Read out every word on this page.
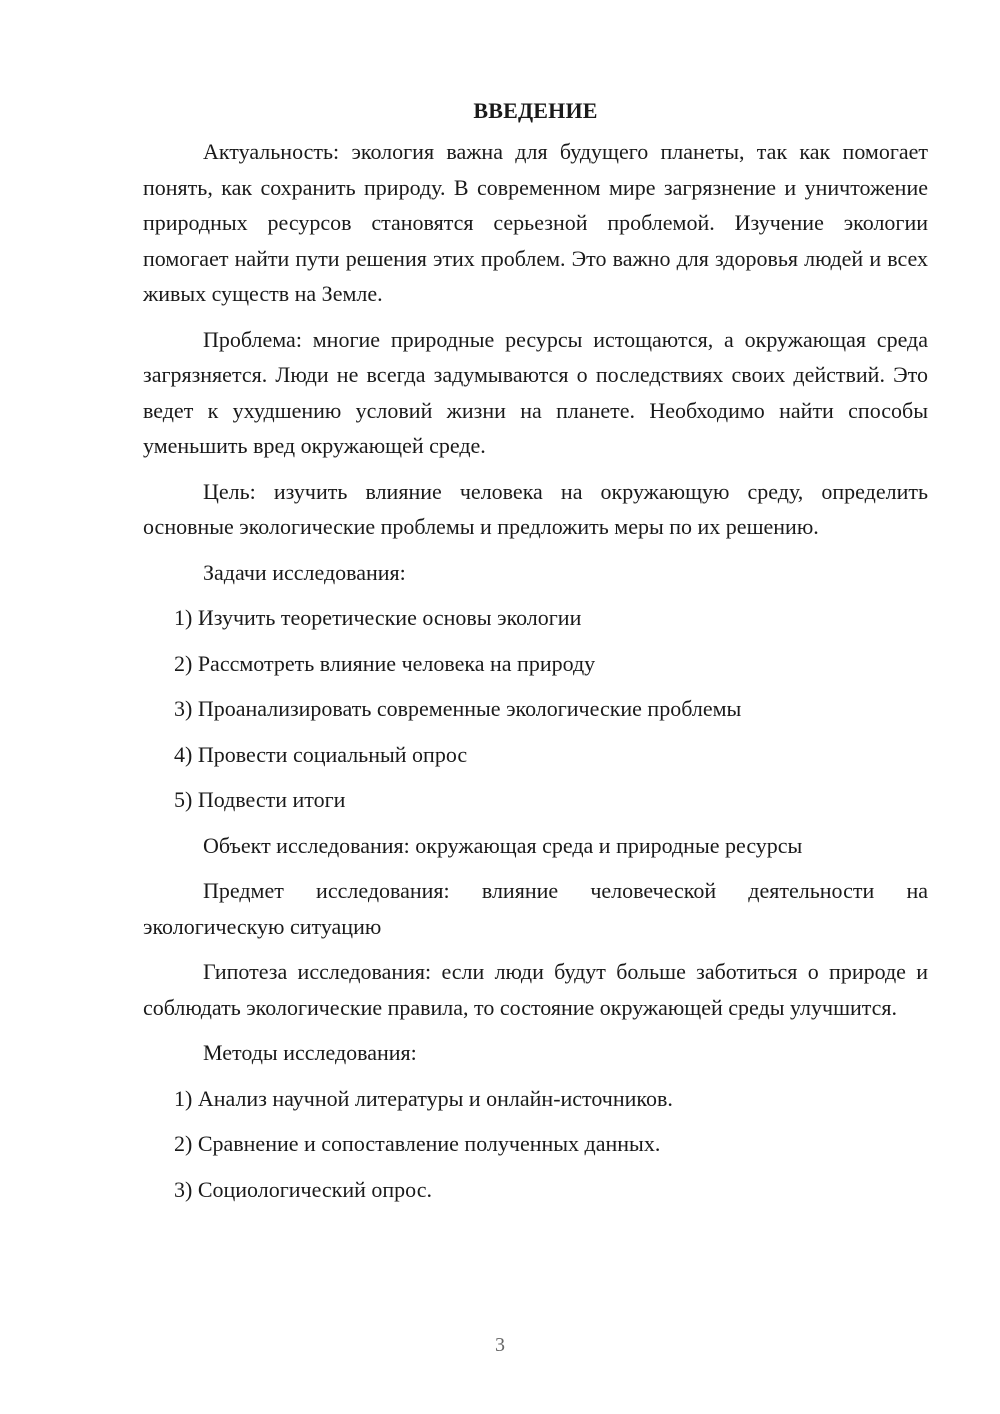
ВВЕДЕНИЕ

Актуальность: экология важна для будущего планеты, так как помогает понять, как сохранить природу. В современном мире загрязнение и уничтожение природных ресурсов становятся серьезной проблемой. Изучение экологии помогает найти пути решения этих проблем. Это важно для здоровья людей и всех живых существ на Земле.

Проблема: многие природные ресурсы истощаются, а окружающая среда загрязняется. Люди не всегда задумываются о последствиях своих действий. Это ведет к ухудшению условий жизни на планете. Необходимо найти способы уменьшить вред окружающей среде.

Цель: изучить влияние человека на окружающую среду, определить основные экологические проблемы и предложить меры по их решению.

Задачи исследования:

1) Изучить теоретические основы экологии
2) Рассмотреть влияние человека на природу
3) Проанализировать современные экологические проблемы
4) Провести социальный опрос
5) Подвести итоги

Объект исследования: окружающая среда и природные ресурсы

Предмет исследования: влияние человеческой деятельности на экологическую ситуацию

Гипотеза исследования: если люди будут больше заботиться о природе и соблюдать экологические правила, то состояние окружающей среды улучшится.

Методы исследования:

1) Анализ научной литературы и онлайн-источников.
2) Сравнение и сопоставление полученных данных.
3) Социологический опрос.
3
